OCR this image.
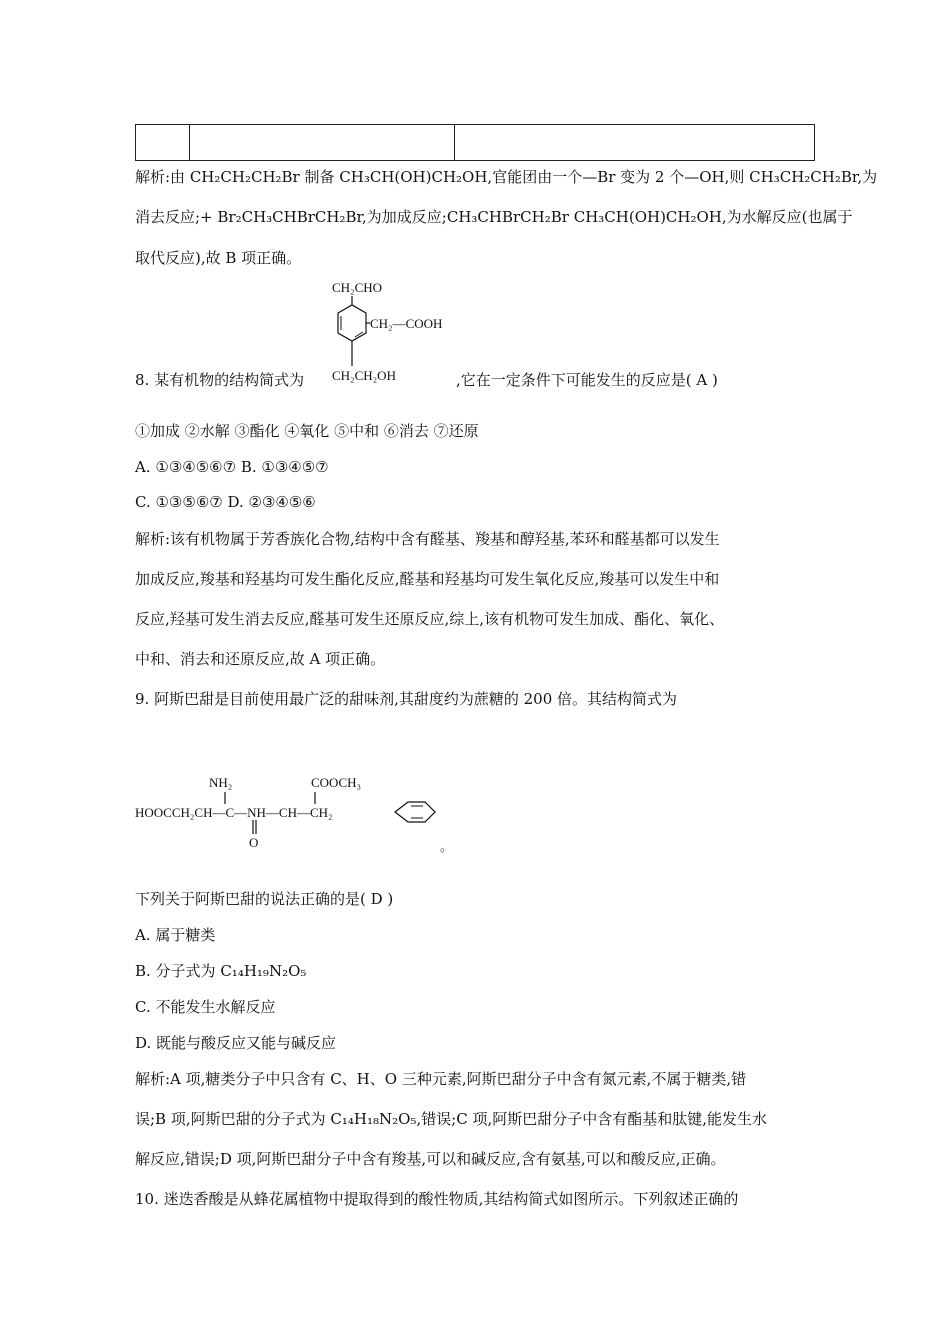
解析:由 CH₂CH₂CH₂Br 制备 CH₃CH(OH)CH₂OH,官能团由一个—Br 变为 2 个—OH,则 CH₃CH₂CH₂Br,为
消去反应;+ Br₂CH₃CHBrCH₂Br,为加成反应;CH₃CHBrCH₂Br CH₃CH(OH)CH₂OH,为水解反应(也属于
取代反应),故 B 项正确。
CH₂CHO
CH₂—COOH
CH₂CH₂OH
8. 某有机物的结构简式为	,它在一定条件下可能发生的反应是( A )
①加成 ②水解 ③酯化 ④氧化 ⑤中和 ⑥消去 ⑦还原
A. ①③④⑤⑥⑦ B. ①③④⑤⑦
C. ①③⑤⑥⑦ D. ②③④⑤⑥
解析:该有机物属于芳香族化合物,结构中含有醛基、羧基和醇羟基,苯环和醛基都可以发生
加成反应,羧基和羟基均可发生酯化反应,醛基和羟基均可发生氧化反应,羧基可以发生中和
反应,羟基可发生消去反应,醛基可发生还原反应,综上,该有机物可发生加成、酯化、氧化、
中和、消去和还原反应,故 A 项正确。
9. 阿斯巴甜是目前使用最广泛的甜味剂,其甜度约为蔗糖的 200 倍。其结构简式为
NH₂	COOCH₃
HOOCCH₂CH—C—NH—CH—CH₂
O	。
下列关于阿斯巴甜的说法正确的是( D )
A. 属于糖类
B. 分子式为 C₁₄H₁₉N₂O₅
C. 不能发生水解反应
D. 既能与酸反应又能与碱反应
解析:A 项,糖类分子中只含有 C、H、O 三种元素,阿斯巴甜分子中含有氮元素,不属于糖类,错
误;B 项,阿斯巴甜的分子式为 C₁₄H₁₈N₂O₅,错误;C 项,阿斯巴甜分子中含有酯基和肽键,能发生水
解反应,错误;D 项,阿斯巴甜分子中含有羧基,可以和碱反应,含有氨基,可以和酸反应,正确。
10. 迷迭香酸是从蜂花属植物中提取得到的酸性物质,其结构简式如图所示。下列叙述正确的
